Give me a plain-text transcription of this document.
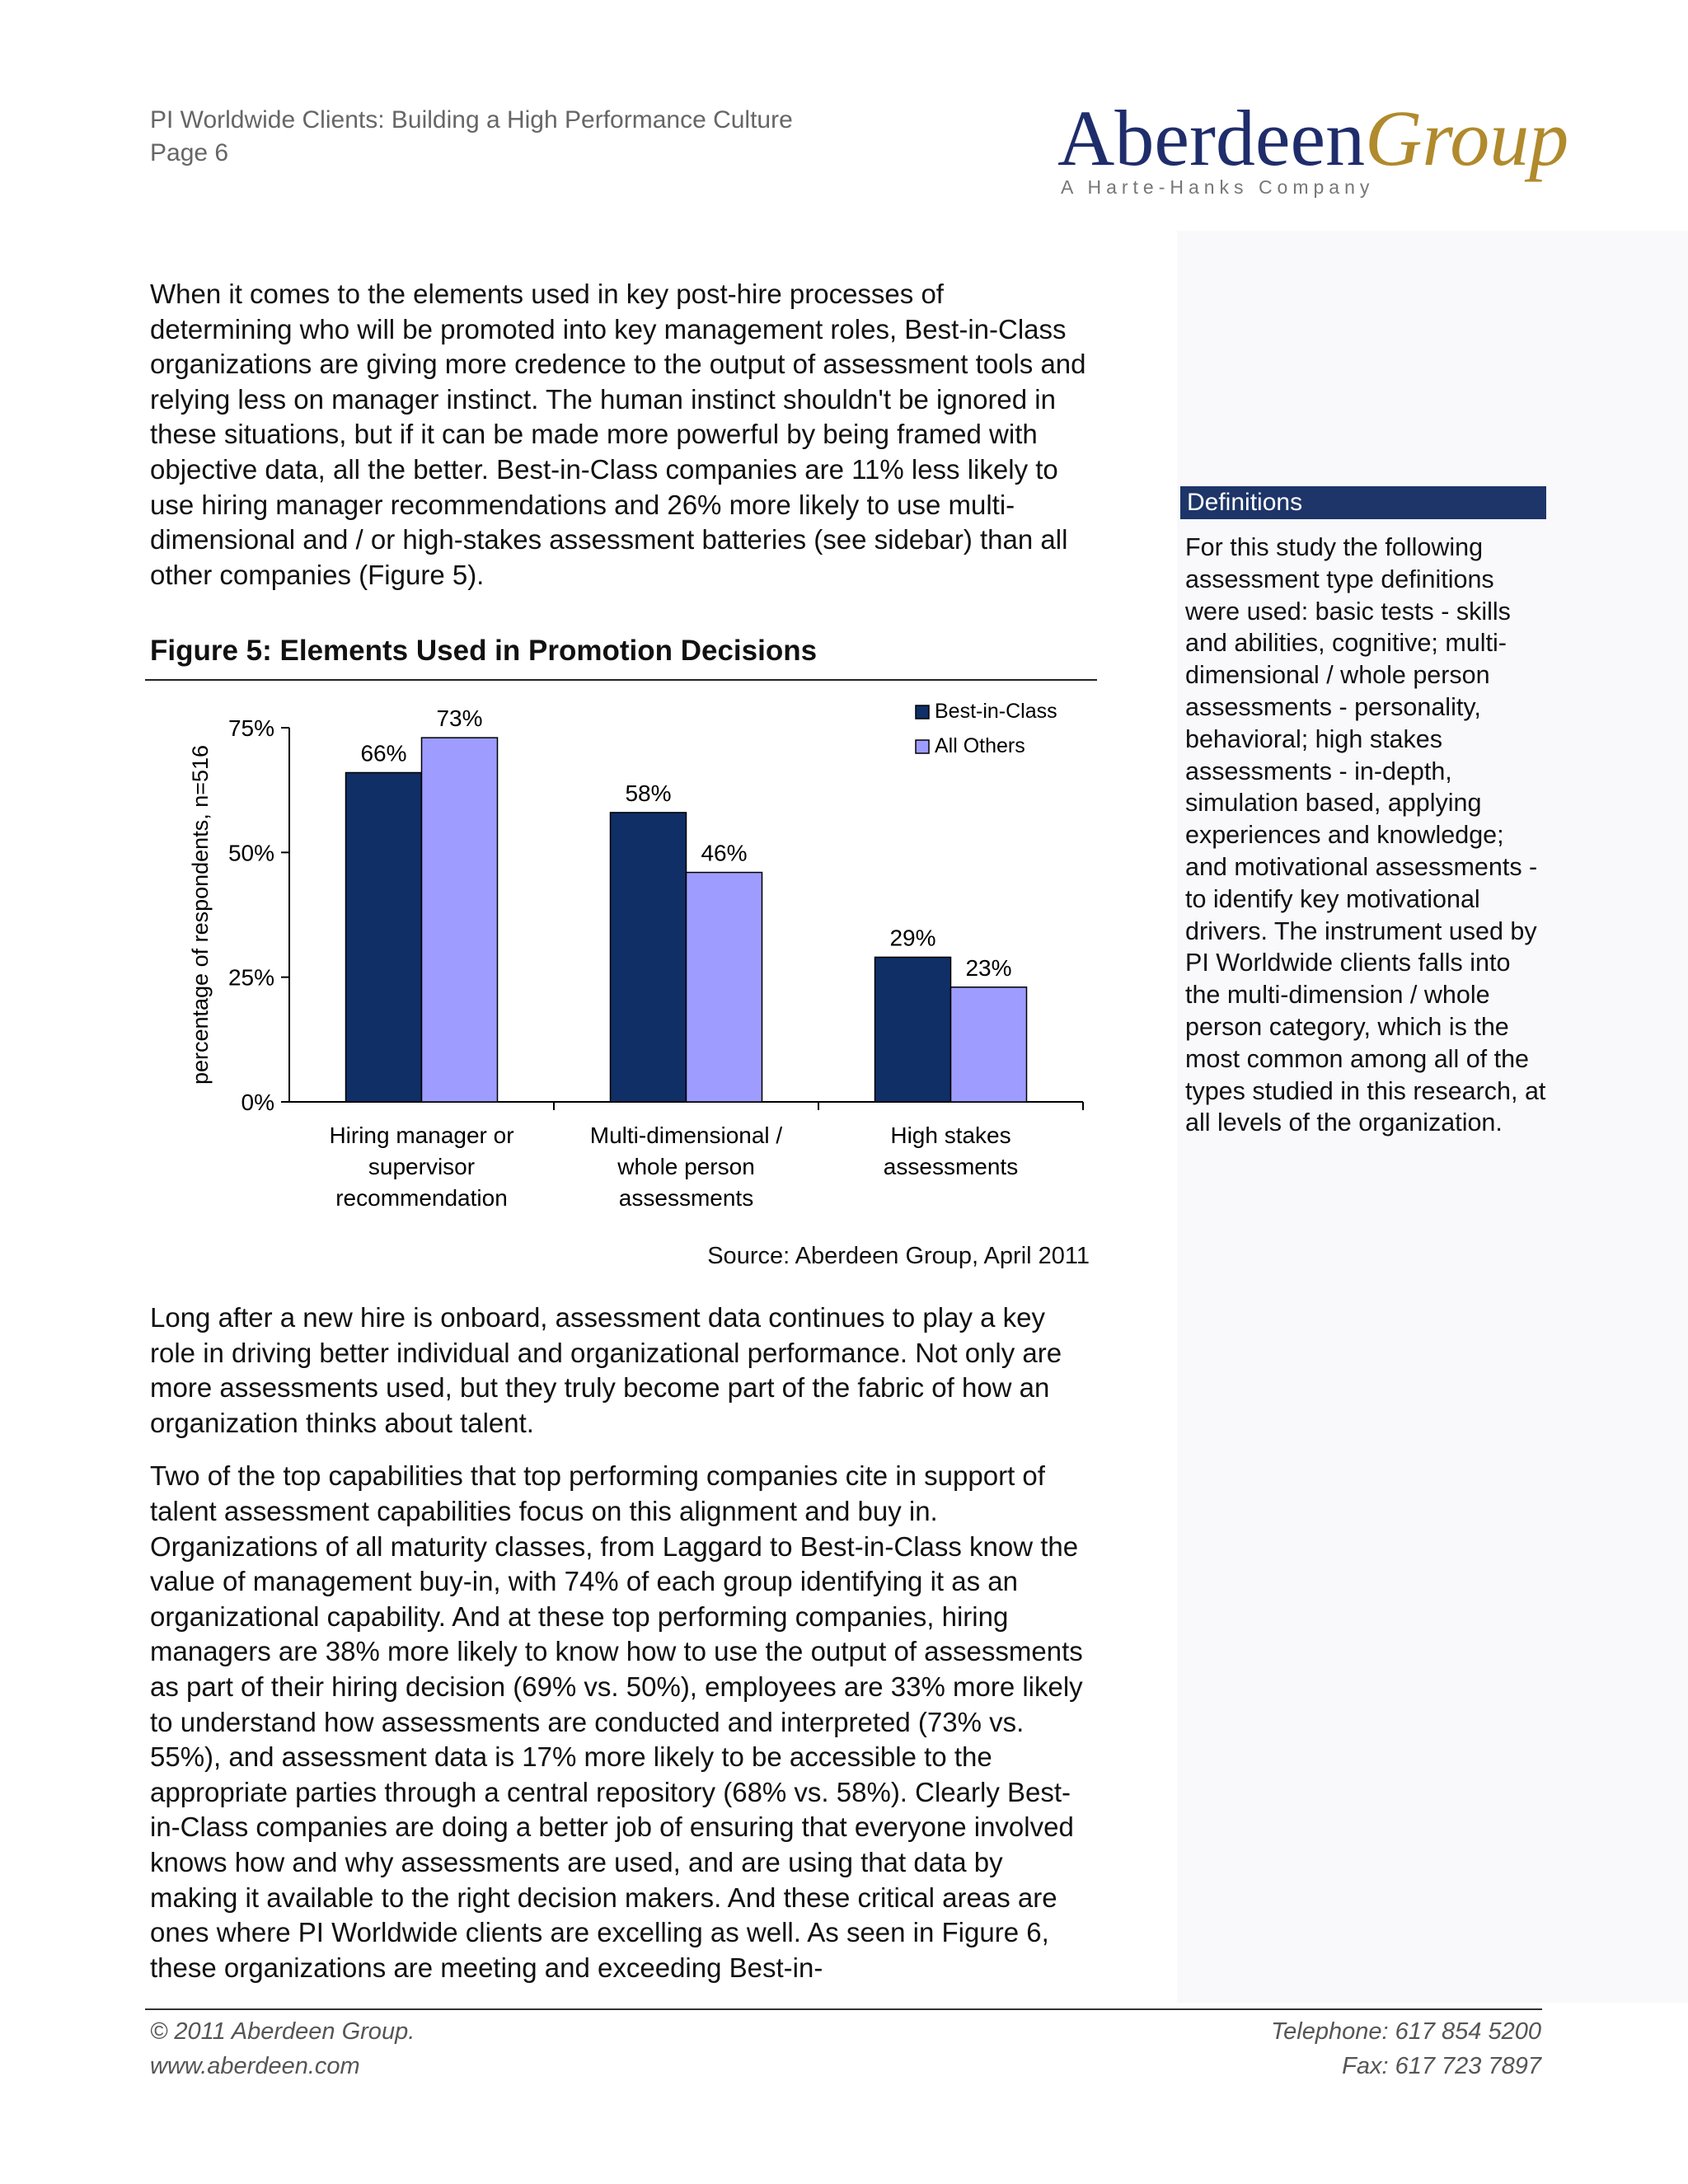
PI Worldwide Clients: Building a High Performance Culture
Page 6	AberdeenGroup
A Harte-Hanks Company

When it comes to the elements used in key post-hire processes of determining who will be promoted into key management roles, Best-in-Class organizations are giving more credence to the output of assessment tools and relying less on manager instinct. The human instinct shouldn't be ignored in these situations, but if it can be made more powerful by being framed with objective data, all the better. Best-in-Class companies are 11% less likely to use hiring manager recommendations and 26% more likely to use multi-dimensional and / or high-stakes assessment batteries (see sidebar) than all other companies (Figure 5).

Figure 5: Elements Used in Promotion Decisions
0%
25%
50%
75%
percentage of respondents, n=516	66%
73%
Hiring manager or
supervisor
recommendation
58%
46%
Multi-dimensional /
whole person
assessments
29%
23%
High stakes
assessments
Best-in-Class
All Others
Source: Aberdeen Group, April 2011

Long after a new hire is onboard, assessment data continues to play a key role in driving better individual and organizational performance. Not only are more assessments used, but they truly become part of the fabric of how an organization thinks about talent.

Two of the top capabilities that top performing companies cite in support of talent assessment capabilities focus on this alignment and buy in. Organizations of all maturity classes, from Laggard to Best-in-Class know the value of management buy-in, with 74% of each group identifying it as an organizational capability. And at these top performing companies, hiring managers are 38% more likely to know how to use the output of assessments as part of their hiring decision (69% vs. 50%), employees are 33% more likely to understand how assessments are conducted and interpreted (73% vs. 55%), and assessment data is 17% more likely to be accessible to the appropriate parties through a central repository (68% vs. 58%). Clearly Best-in-Class companies are doing a better job of ensuring that everyone involved knows how and why assessments are used, and are using that data by making it available to the right decision makers. And these critical areas are ones where PI Worldwide clients are excelling as well. As seen in Figure 6, these organizations are meeting and exceeding Best-in-

Definitions

For this study the following assessment type definitions were used: basic tests - skills and abilities, cognitive; multi-dimensional / whole person assessments - personality, behavioral; high stakes assessments - in-depth, simulation based, applying experiences and knowledge; and motivational assessments - to identify key motivational drivers. The instrument used by PI Worldwide clients falls into the multi-dimension / whole person category, which is the most common among all of the types studied in this research, at all levels of the organization.

© 2011 Aberdeen Group.
www.aberdeen.com
Telephone: 617 854 5200
Fax: 617 723 7897
